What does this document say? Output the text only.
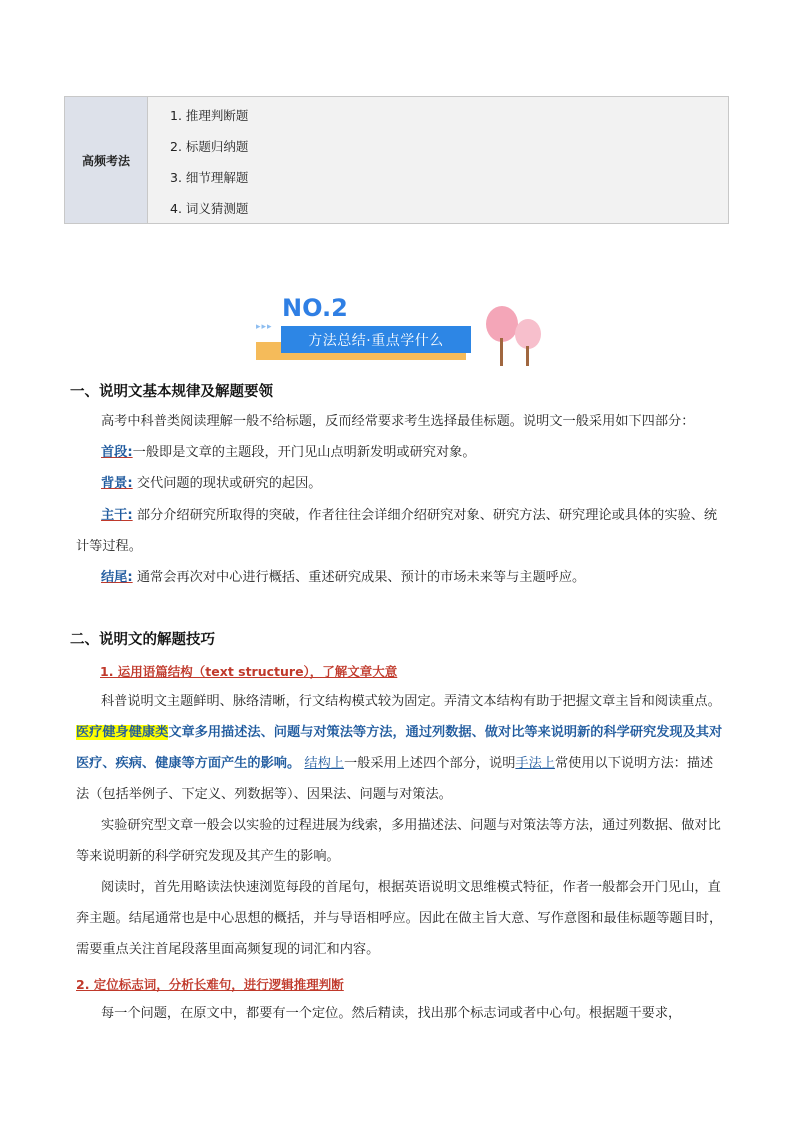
高频考法
1. 推理判断题
2. 标题归纳题
3. 细节理解题
4. 词义猜测题
▸▸▸
NO.2
方法总结·重点学什么
一、说明文基本规律及解题要领

高考中科普类阅读理解一般不给标题，反而经常要求考生选择最佳标题。说明文一般采用如下四部分：

首段:一般即是文章的主题段，开门见山点明新发明或研究对象。

背景: 交代问题的现状或研究的起因。

主干: 部分介绍研究所取得的突破，作者往往会详细介绍研究对象、研究方法、研究理论或具体的实验、统计等过程。

结尾: 通常会再次对中心进行概括、重述研究成果、预计的市场未来等与主题呼应。

二、说明文的解题技巧
1. 运用语篇结构（text structure），了解文章大意

科普说明文主题鲜明、脉络清晰，行文结构模式较为固定。弄清文本结构有助于把握文章主旨和阅读重点。医疗健身健康类文章多用描述法、问题与对策法等方法，通过列数据、做对比等来说明新的科学研究发现及其对医疗、疾病、健康等方面产生的影响。 结构上一般采用上述四个部分，说明手法上常使用以下说明方法：描述法（包括举例子、下定义、列数据等）、因果法、问题与对策法。

实验研究型文章一般会以实验的过程进展为线索，多用描述法、问题与对策法等方法，通过列数据、做对比等来说明新的科学研究发现及其产生的影响。

阅读时，首先用略读法快速浏览每段的首尾句，根据英语说明文思维模式特征，作者一般都会开门见山，直奔主题。结尾通常也是中心思想的概括，并与导语相呼应。因此在做主旨大意、写作意图和最佳标题等题目时，需要重点关注首尾段落里面高频复现的词汇和内容。

2. 定位标志词，分析长难句，进行逻辑推理判断

每一个问题，在原文中，都要有一个定位。然后精读，找出那个标志词或者中心句。根据题干要求，
